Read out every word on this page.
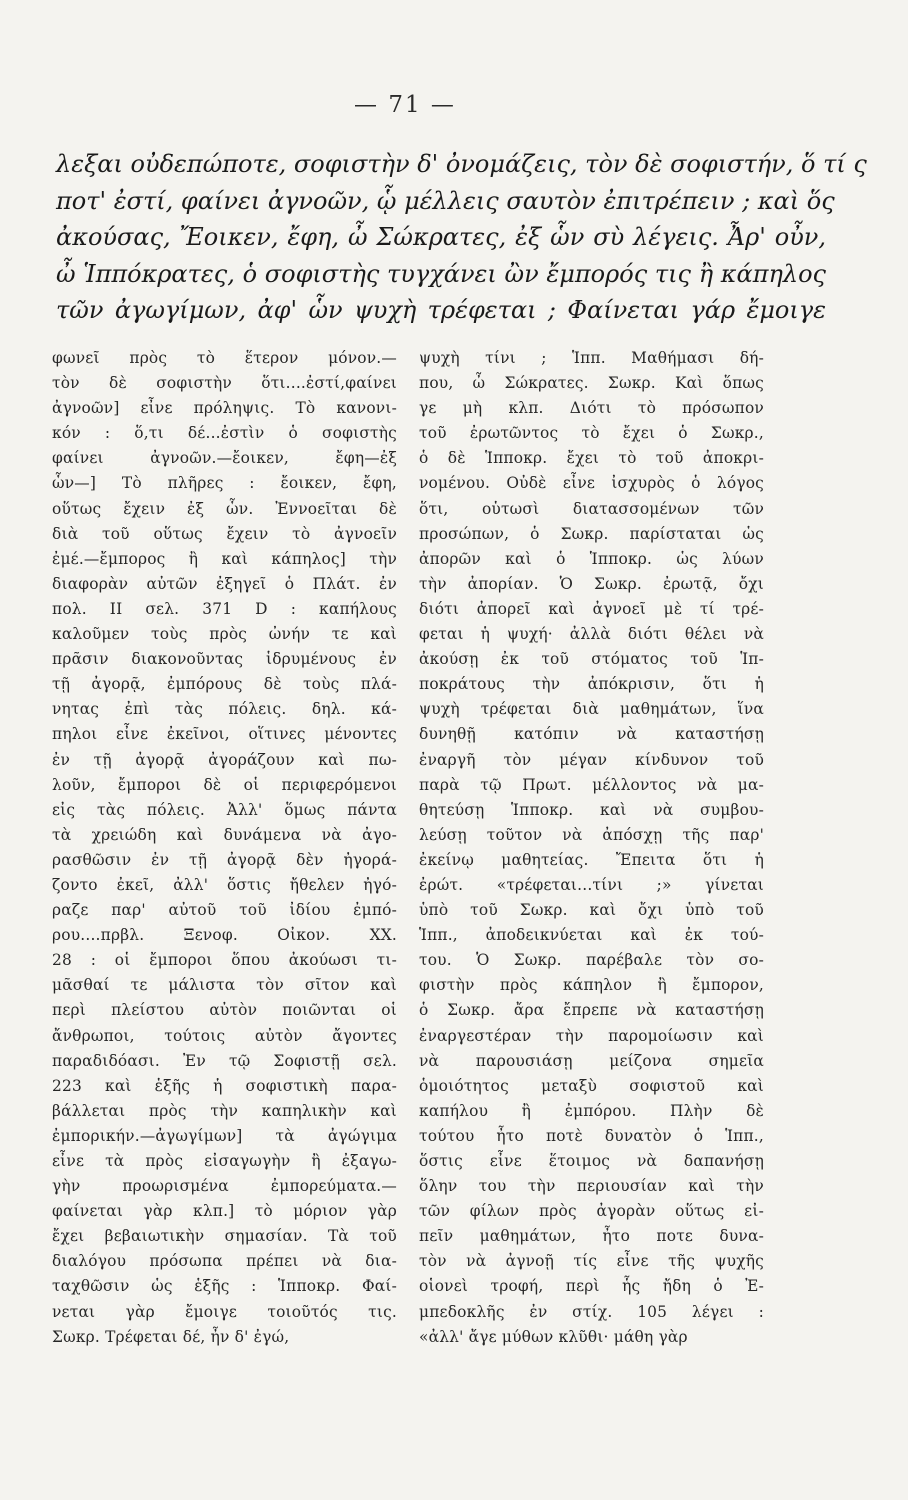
— 71 —
λεξαι οὐδεπώποτε, σοφιστὴν δ' ὀνομάζεις, τὸν δὲ σοφιστήν, ὅ τί ς
ποτ' ἐστί, φαίνει ἀγνοῶν, ᾧ μέλλεις σαυτὸν ἐπιτρέπειν ; καὶ ὅς
ἀκούσας, Ἔοικεν, ἔφη, ὦ Σώκρατες, ἐξ ὧν σὺ λέγεις. Ἆρ' οὖν,
ὦ Ἱππόκρατες, ὁ σοφιστὴς τυγχάνει ὢν ἔμπορός τις ἢ κάπηλος
τῶν ἀγωγίμων, ἀφ' ὧν ψυχὴ τρέφεται ; Φαίνεται γάρ ἔμοιγε
φωνεῖ πρὸς τὸ ἕτερον μόνον.—
τὸν δὲ σοφιστὴν ὅτι....ἐστί,φαίνει
ἀγνοῶν] εἶνε πρόληψις. Τὸ κανονι-
κόν : ὅ,τι δέ...ἐστὶν ὁ σοφιστὴς
φαίνει ἀγνοῶν.—ἔοικεν, ἔφη—ἐξ
ὧν—] Τὸ πλῆρες : ἔοικεν, ἔφη,
οὕτως ἔχειν ἐξ ὧν. Ἐννοεῖται δὲ
διὰ τοῦ οὕτως ἔχειν τὸ ἀγνοεῖν
ἐμέ.—ἔμπορος ἢ καὶ κάπηλος] τὴν
διαφορὰν αὐτῶν ἐξηγεῖ ὁ Πλάτ. ἐν
πολ. ΙΙ σελ. 371 D : καπήλους
καλοῦμεν τοὺς πρὸς ὠνήν τε καὶ
πρᾶσιν διακονοῦντας ἱδρυμένους ἐν
τῇ ἀγορᾷ, ἐμπόρους δὲ τοὺς πλά-
νητας ἐπὶ τὰς πόλεις. δηλ. κά-
πηλοι εἶνε ἐκεῖνοι, οἵτινες μένοντες
ἐν τῇ ἀγορᾷ ἀγοράζουν καὶ πω-
λοῦν, ἔμποροι δὲ οἱ περιφερόμενοι
εἰς τὰς πόλεις. Ἀλλ' ὅμως πάντα
τὰ χρειώδη καὶ δυνάμενα νὰ ἀγο-
ρασθῶσιν ἐν τῇ ἀγορᾷ δὲν ἠγορά-
ζοντο ἐκεῖ, ἀλλ' ὅστις ἤθελεν ἠγό-
ραζε παρ' αὐτοῦ τοῦ ἰδίου ἐμπό-
ρου....πρβλ. Ξενοφ. Οἰκον. ΧΧ.
28 : οἱ ἔμποροι ὅπου ἀκούωσι τι-
μᾶσθαί τε μάλιστα τὸν σῖτον καὶ
περὶ πλείστου αὐτὸν ποιῶνται οἱ
ἄνθρωποι, τούτοις αὐτὸν ἄγοντες
παραδιδόασι. Ἐν τῷ Σοφιστῇ σελ.
223 καὶ ἑξῆς ἡ σοφιστικὴ παρα-
βάλλεται πρὸς τὴν καπηλικὴν καὶ
ἐμπορικήν.—ἀγωγίμων] τὰ ἀγώγιμα
εἶνε τὰ πρὸς εἰσαγωγὴν ἢ ἐξαγω-
γὴν προωρισμένα ἐμπορεύματα.—
φαίνεται γὰρ κλπ.] τὸ μόριον γὰρ
ἔχει βεβαιωτικὴν σημασίαν. Τὰ τοῦ
διαλόγου πρόσωπα πρέπει νὰ δια-
ταχθῶσιν ὡς ἑξῆς : Ἱπποκρ. Φαί-
νεται γὰρ ἔμοιγε τοιοῦτός τις.
Σωκρ. Τρέφεται δέ, ἦν δ' ἐγώ,
ψυχὴ τίνι ; Ἱππ. Μαθήμασι δή-
που, ὦ Σώκρατες. Σωκρ. Καὶ ὅπως
γε μὴ κλπ. Διότι τὸ πρόσωπον
τοῦ ἐρωτῶντος τὸ ἔχει ὁ Σωκρ.,
ὁ δὲ Ἱπποκρ. ἔχει τὸ τοῦ ἀποκρι-
νομένου. Οὐδὲ εἶνε ἰσχυρὸς ὁ λόγος
ὅτι, οὑτωσὶ διατασσομένων τῶν
προσώπων, ὁ Σωκρ. παρίσταται ὡς
ἀπορῶν καὶ ὁ Ἱπποκρ. ὡς λύων
τὴν ἀπορίαν. Ὁ Σωκρ. ἐρωτᾷ, ὄχι
διότι ἀπορεῖ καὶ ἀγνοεῖ μὲ τί τρέ-
φεται ἡ ψυχή· ἀλλὰ διότι θέλει νὰ
ἀκούσῃ ἐκ τοῦ στόματος τοῦ Ἱπ-
ποκράτους τὴν ἀπόκρισιν, ὅτι ἡ
ψυχὴ τρέφεται διὰ μαθημάτων, ἵνα
δυνηθῇ κατόπιν νὰ καταστήσῃ
ἐναργῆ τὸν μέγαν κίνδυνον τοῦ
παρὰ τῷ Πρωτ. μέλλοντος νὰ μα-
θητεύσῃ Ἱπποκρ. καὶ νὰ συμβου-
λεύσῃ τοῦτον νὰ ἀπόσχῃ τῆς παρ'
ἐκείνῳ μαθητείας. Ἔπειτα ὅτι ἡ
ἐρώτ. «τρέφεται...τίνι ;» γίνεται
ὑπὸ τοῦ Σωκρ. καὶ ὄχι ὑπὸ τοῦ
Ἱππ., ἀποδεικνύεται καὶ ἐκ τού-
του. Ὁ Σωκρ. παρέβαλε τὸν σο-
φιστὴν πρὸς κάπηλον ἢ ἔμπορον,
ὁ Σωκρ. ἄρα ἔπρεπε νὰ καταστήσῃ
ἐναργεστέραν τὴν παρομοίωσιν καὶ
νὰ παρουσιάσῃ μείζονα σημεῖα
ὁμοιότητος μεταξὺ σοφιστοῦ καὶ
καπήλου ἢ ἐμπόρου. Πλὴν δὲ
τούτου ἦτο ποτὲ δυνατὸν ὁ Ἱππ.,
ὅστις εἶνε ἕτοιμος νὰ δαπανήσῃ
ὅλην του τὴν περιουσίαν καὶ τὴν
τῶν φίλων πρὸς ἀγορὰν οὕτως εἰ-
πεῖν μαθημάτων, ἦτο ποτε δυνα-
τὸν νὰ ἀγνοῇ τίς εἶνε τῆς ψυχῆς
οἱονεὶ τροφή, περὶ ἧς ἤδη ὁ Ἐ-
μπεδοκλῆς ἐν στίχ. 105 λέγει :
«ἀλλ' ἄγε μύθων κλῦθι· μάθη γὰρ
